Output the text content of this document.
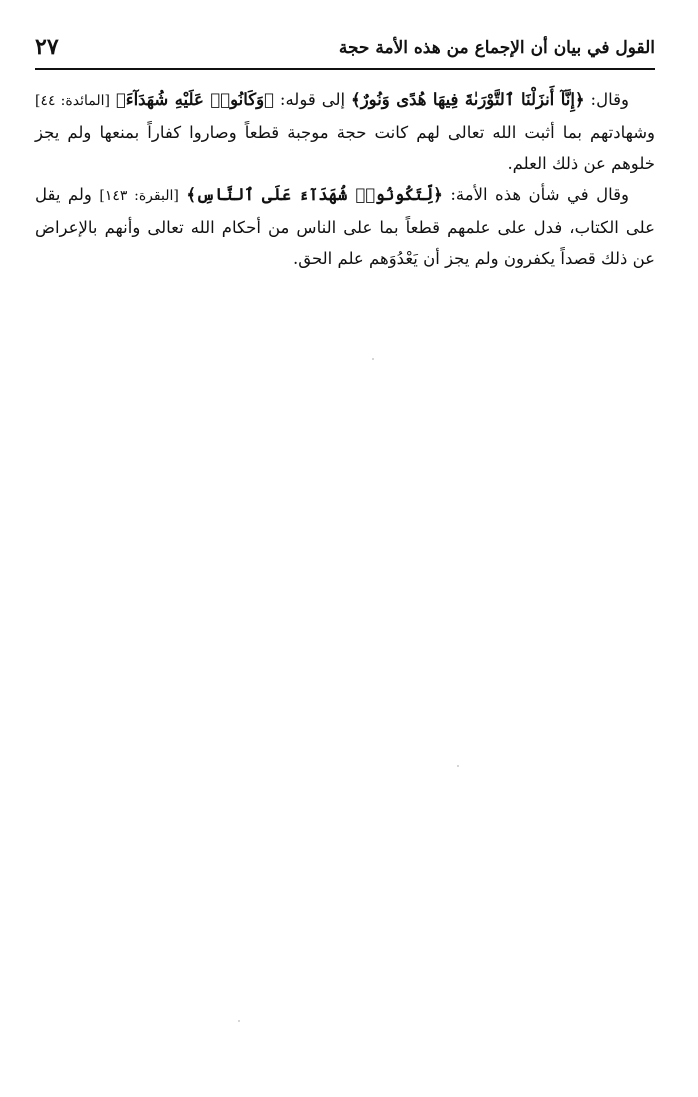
القول في بيان أن الإجماع من هذه الأمة حجة
٢٧

وقال: ﴿إِنَّآ أَنزَلْنَا ٱلتَّوْرَىٰةَ فِيهَا هُدًى وَنُورٌ﴾ إلى قوله: ﴿وَكَانُوا۟ عَلَيْهِ شُهَدَآءَ﴾ [المائدة: ٤٤] وشهادتهم بما أثبت الله تعالى لهم كانت حجة موجبة قطعاً وصاروا كفاراً بمنعها ولم يجز خلوهم عن ذلك العلم.

وقال في شأن هذه الأمة: ﴿لِّتَكُونُوا۟ شُهَدَآءَ عَلَى ٱلنَّاسِ﴾ [البقرة: ١٤٣] ولم يقل على الكتاب، فدل على علمهم قطعاً بما على الناس من أحكام الله تعالى وأنهم بالإعراض عن ذلك قصداً يكفرون ولم يجز أن يَعْدُوَهم علم الحق.
